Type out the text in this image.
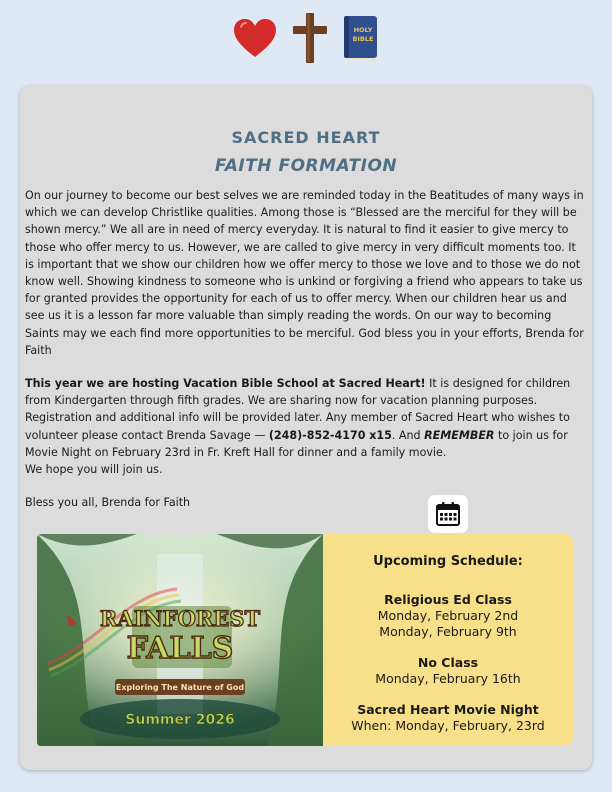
HOLY
BIBLE
SACRED HEART
FAITH FORMATION

On our journey to become our best selves we are reminded today in the Beatitudes of many ways in which we can develop Christlike qualities. Among those is “Blessed are the merciful for they will be shown mercy.” We all are in need of mercy everyday. It is natural to find it easier to give mercy to those who offer mercy to us. However, we are called to give mercy in very difficult moments too. It is important that we show our children how we offer mercy to those we love and to those we do not know well. Showing kindness to someone who is unkind or forgiving a friend who appears to take us for granted provides the opportunity for each of us to offer mercy. When our children hear us and see us it is a lesson far more valuable than simply reading the words. On our way to becoming Saints may we each find more opportunities to be merciful. God bless you in your efforts, Brenda for Faith

This year we are hosting Vacation Bible School at Sacred Heart! It is designed for children from Kindergarten through fifth grades. We are sharing now for vacation planning purposes. Registration and additional info will be provided later. Any member of Sacred Heart who wishes to volunteer please contact Brenda Savage — (248)-852-4170 x15. And REMEMBER to join us for Movie Night on February 23rd in Fr. Kreft Hall for dinner and a family movie.

We hope you will join us.

Bless you all, Brenda for Faith

RAINFOREST
FALLS
Exploring The Nature of God
Summer 2026
Upcoming Schedule:
Religious Ed Class
Monday, February 2nd
Monday, February 9th
No Class
Monday, February 16th
Sacred Heart Movie Night
When: Monday, February, 23rd
